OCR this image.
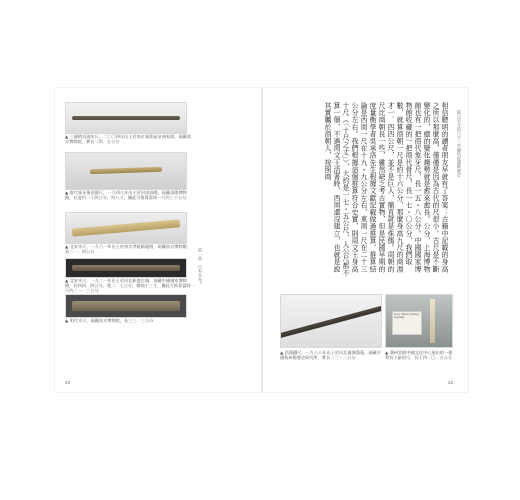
▲ 三國時吳國木尺，二〇〇四年出土於南京秦淮區皇冊家園，現藏南京博物院，實長二四．五公分
▲ 唐代象牙嵌金銀尺，一九四八年出土於河南洛陽，現藏洛陽博物館，長度約二十四公分，約八寸，據此可推算當時一尺約三十公分
▲ 北宋木尺，一九六一年出土於南京孝陵衛砲塔，現藏南京博物館，長三一．四公分
▲ 北宋木尺，一九二一年出土於河北鉅鹿古城，現藏中國國家博物館，長四四．四公分，寬二．七公分，標刻十三寸，據此可推算當時一尺約三一．三公分
▲ 明代木尺，現藏南京博物院，長三三．三公分
第一章　尺有多長？
23
相信聰明的讀者朋友早就有了答案：古籍中記載的身高之所以那麼高，僅僅是因為古代的尺很小。古尺是不斷變化的，總的變化趨勢就是愈來愈長。公分，上海博物館也有一把商代象牙尺，長一五・八公分。中國國家博物館收藏的一把商代骨尺，長一七・〇公分，我們取數，就算商朝一尺是約十六公分，那麼身高九尺的商湯才一．四四公尺，並不是巨人，簡直就是侏儒。周朝的尺比商朝長一些，雖然缺乏考古實物，但是民國早期的度量衡學者吳承洛先生根據文獻記載做過推算，推算結論是西周一尺在十九・九公分左右，東周一尺在二十三公分左右。我們根據這個推算符合史實，則周文王身高十尺（「十尺之丈」），大約是一七・五公尺，人公尺都不算一個，不過周文王活著時，西周還沒建立，也就是說其實屬於商朝人，按照商	從古至今的尺寸一有趣的度量衡歷史
▲ 西漢鐵尺，一九八八年出土於河北滿城漢墓，現藏中國杭州陽歷史研究所，實長二三・二公分
Ivory Ruler, Shang Dynasty
▲ 漢州宮殿中國文化中心展出的一根利有卜辭的尺，長十四一〇．五公分
22
